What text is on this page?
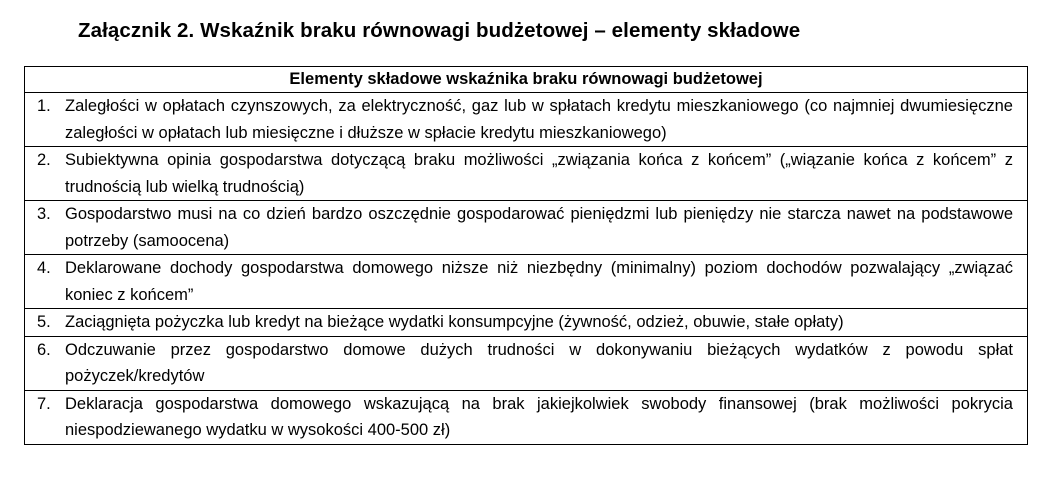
Załącznik 2. Wskaźnik braku równowagi budżetowej – elementy składowe
Elementy składowe wskaźnika braku równowagi budżetowej
1. Zaległości w opłatach czynszowych, za elektryczność, gaz lub w spłatach kredytu mieszkaniowego (co najmniej dwumiesięczne zaległości w opłatach lub miesięczne i dłuższe w spłacie kredytu mieszkaniowego)
2. Subiektywna opinia gospodarstwa dotyczącą braku możliwości „związania końca z końcem” („wiązanie końca z końcem” z trudnością lub wielką trudnością)
3. Gospodarstwo musi na co dzień bardzo oszczędnie gospodarować pieniędzmi lub pieniędzy nie starcza nawet na podstawowe potrzeby (samoocena)
4. Deklarowane dochody gospodarstwa domowego niższe niż niezbędny (minimalny) poziom dochodów pozwalający „związać koniec z końcem”
5. Zaciągnięta pożyczka lub kredyt na bieżące wydatki konsumpcyjne (żywność, odzież, obuwie, stałe opłaty)
6. Odczuwanie przez gospodarstwo domowe dużych trudności w dokonywaniu bieżących wydatków z powodu spłat pożyczek/kredytów
7. Deklaracja gospodarstwa domowego wskazującą na brak jakiejkolwiek swobody finansowej (brak możliwości pokrycia niespodziewanego wydatku w wysokości 400-500 zł)
